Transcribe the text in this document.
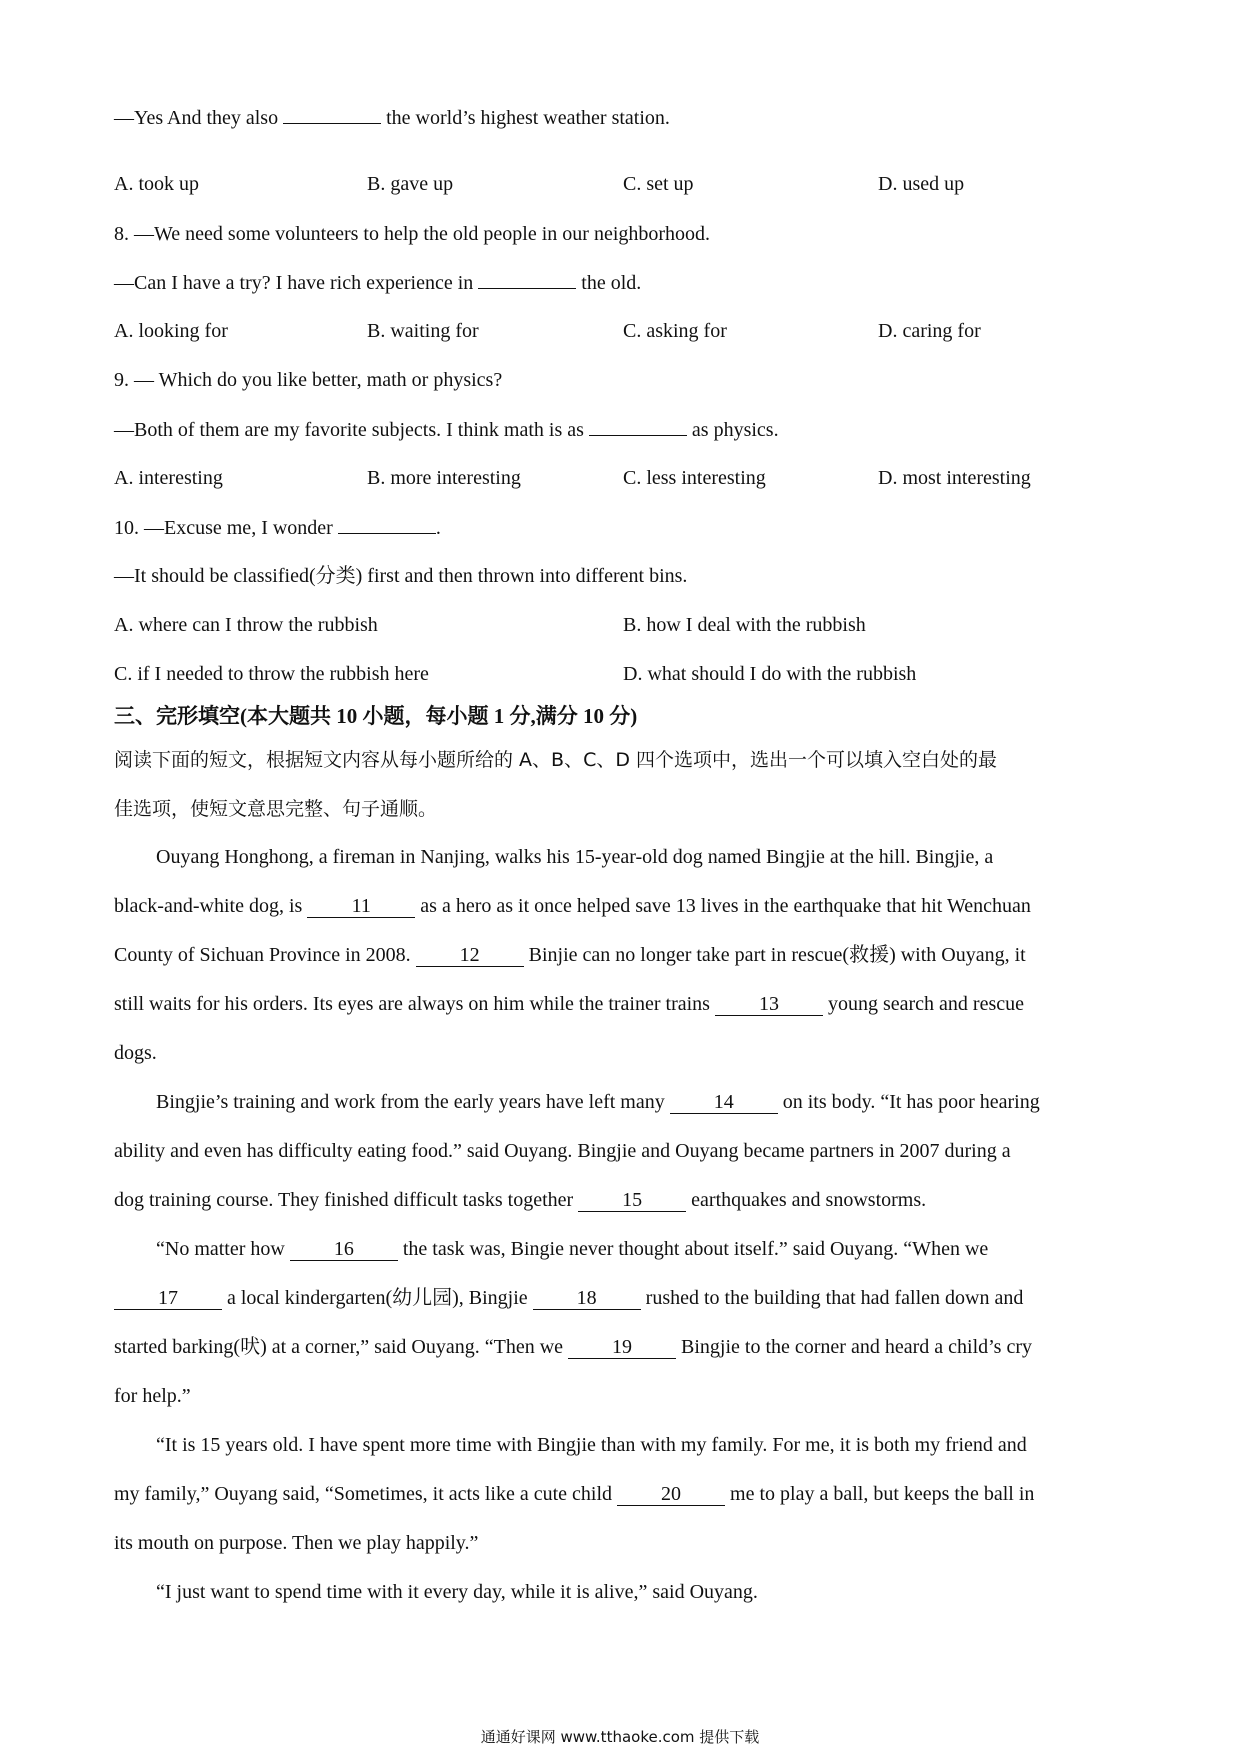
—Yes And they also	the world’s highest weather station.
A. took up	B. gave up	C. set up	D. used up
8. —We need some volunteers to help the old people in our neighborhood.
—Can I have a try? I have rich experience in	the old.
A. looking for	B. waiting for	C. asking for	D. caring for
9. — Which do you like better, math or physics?
—Both of them are my favorite subjects. I think math is as	as physics.
A. interesting	B. more interesting	C. less interesting	D. most interesting
10. —Excuse me, I wonder	.
—It should be classified(分类) first and then thrown into different bins.
A. where can I throw the rubbish	B. how I deal with the rubbish
C. if I needed to throw the rubbish here	D. what should I do with the rubbish
三、完形填空(本大题共 10 小题，每小题 1 分,满分 10 分)
阅读下面的短文，根据短文内容从每小题所给的 A、B、C、D 四个选项中，选出一个可以填入空白处的最
佳选项，使短文意思完整、句子通顺。
Ouyang Honghong, a fireman in Nanjing, walks his 15-year-old dog named Bingjie at the hill. Bingjie, a
black-and-white dog, is 11 as a hero as it once helped save 13 lives in the earthquake that hit Wenchuan
County of Sichuan Province in 2008. 12 Binjie can no longer take part in rescue(救援) with Ouyang, it
still waits for his orders. Its eyes are always on him while the trainer trains 13 young search and rescue
dogs.
Bingjie’s training and work from the early years have left many 14 on its body. “It has poor hearing
ability and even has difficulty eating food.” said Ouyang. Bingjie and Ouyang became partners in 2007 during a
dog training course. They finished difficult tasks together 15 earthquakes and snowstorms.
“No matter how 16 the task was, Bingie never thought about itself.” said Ouyang. “When we
17 a local kindergarten(幼儿园), Bingjie 18 rushed to the building that had fallen down and
started barking(吠) at a corner,” said Ouyang. “Then we 19 Bingjie to the corner and heard a child’s cry
for help.”
“It is 15 years old. I have spent more time with Bingjie than with my family. For me, it is both my friend and
my family,” Ouyang said, “Sometimes, it acts like a cute child 20 me to play a ball, but keeps the ball in
its mouth on purpose. Then we play happily.”
“I just want to spend time with it every day, while it is alive,” said Ouyang.
通通好课网 www.tthaoke.com 提供下载
